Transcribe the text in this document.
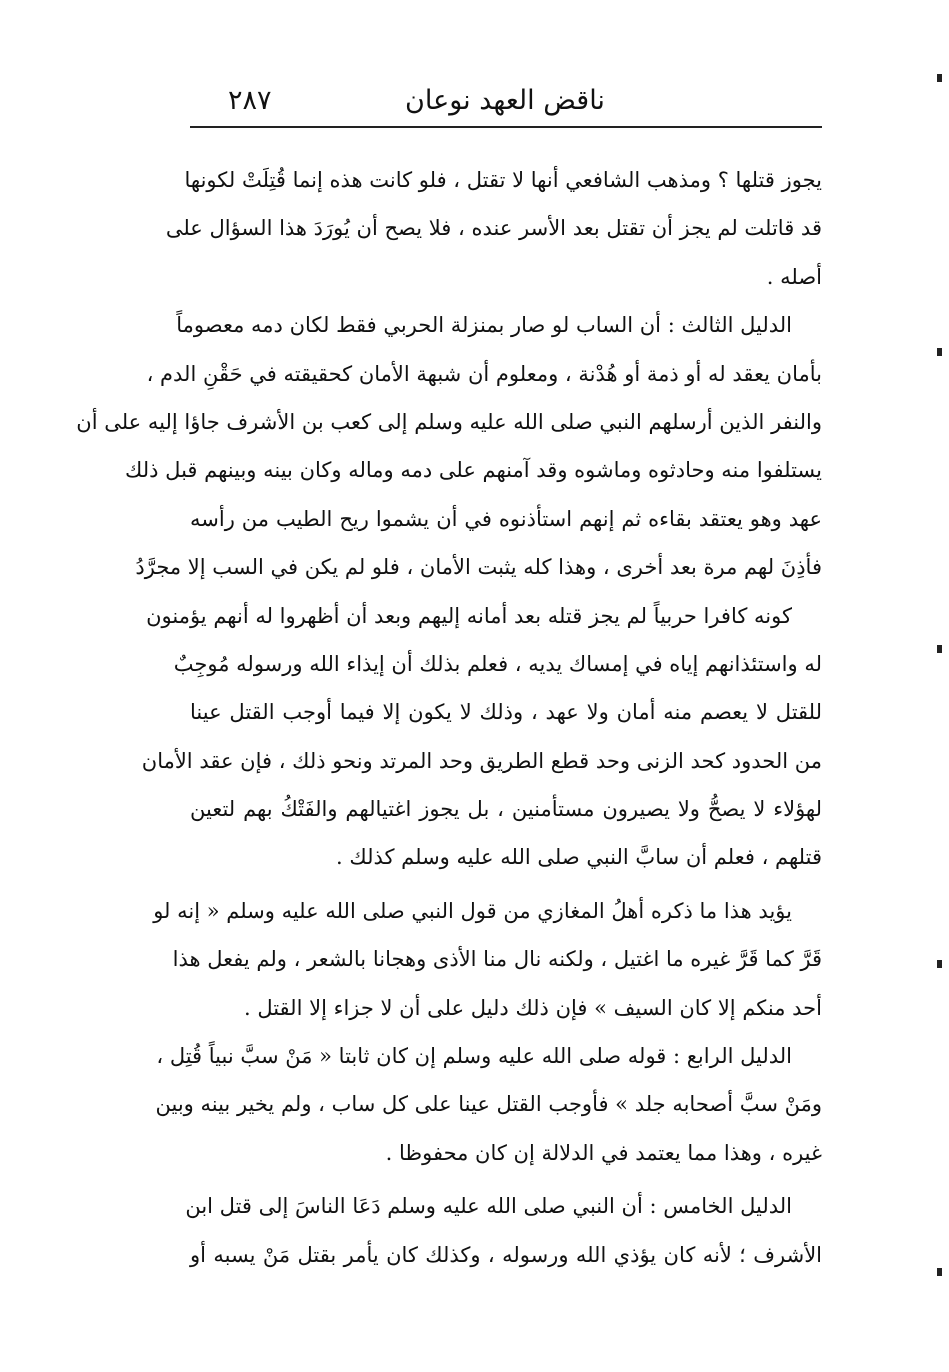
ناقض العهد نوعان
٢٨٧
يجوز قتلها ؟ ومذهب الشافعي أنها لا تقتل ، فلو كانت هذه إنما قُتِلَتْ لكونها
قد قاتلت لم يجز أن تقتل بعد الأسر عنده ، فلا يصح أن يُورَدَ هذا السؤال على
أصله .
الدليل الثالث : أن الساب لو صار بمنزلة الحربي فقط لكان دمه معصوماً
بأمان يعقد له أو ذمة أو هُدْنة ، ومعلوم أن شبهة الأمان كحقيقته في حَقْنِ الدم ،
والنفر الذين أرسلهم النبي صلى الله عليه وسلم إلى كعب بن الأشرف جاؤا إليه على أن
يستلفوا منه وحادثوه وماشوه وقد آمنهم على دمه وماله وكان بينه وبينهم قبل ذلك
عهد وهو يعتقد بقاءه ثم إنهم استأذنوه في أن يشموا ريح الطيب من رأسه
فأذِنَ لهم مرة بعد أخرى ، وهذا كله يثبت الأمان ، فلو لم يكن في السب إلا مجرَّدُ
كونه كافرا حربياً لم يجز قتله بعد أمانه إليهم وبعد أن أظهروا له أنهم يؤمنون
له واستئذانهم إياه في إمساك يديه ، فعلم بذلك أن إيذاء الله ورسوله مُوجِبٌ
للقتل لا يعصم منه أمان ولا عهد ، وذلك لا يكون إلا فيما أوجب القتل عينا
من الحدود كحد الزنى وحد قطع الطريق وحد المرتد ونحو ذلك ، فإن عقد الأمان
لهؤلاء لا يصحُّ ولا يصيرون مستأمنين ، بل يجوز اغتيالهم والفَتْكُ بهم لتعين
قتلهم ، فعلم أن سابَّ النبي صلى الله عليه وسلم كذلك .
يؤيد هذا ما ذكره أهلُ المغازي من قول النبي صلى الله عليه وسلم « إنه لو
قَرَّ كما قَرَّ غيره ما اغتيل ، ولكنه نال منا الأذى وهجانا بالشعر ، ولم يفعل هذا
أحد منكم إلا كان السيف » فإن ذلك دليل على أن لا جزاء إلا القتل .
الدليل الرابع : قوله صلى الله عليه وسلم إن كان ثابتا « مَنْ سبَّ نبياً قُتِل ،
ومَنْ سبَّ أصحابه جلد » فأوجب القتل عينا على كل ساب ، ولم يخير بينه وبين
غيره ، وهذا مما يعتمد في الدلالة إن كان محفوظا .
الدليل الخامس : أن النبي صلى الله عليه وسلم دَعَا الناسَ إلى قتل ابن
الأشرف ؛ لأنه كان يؤذي الله ورسوله ، وكذلك كان يأمر بقتل مَنْ يسبه أو
